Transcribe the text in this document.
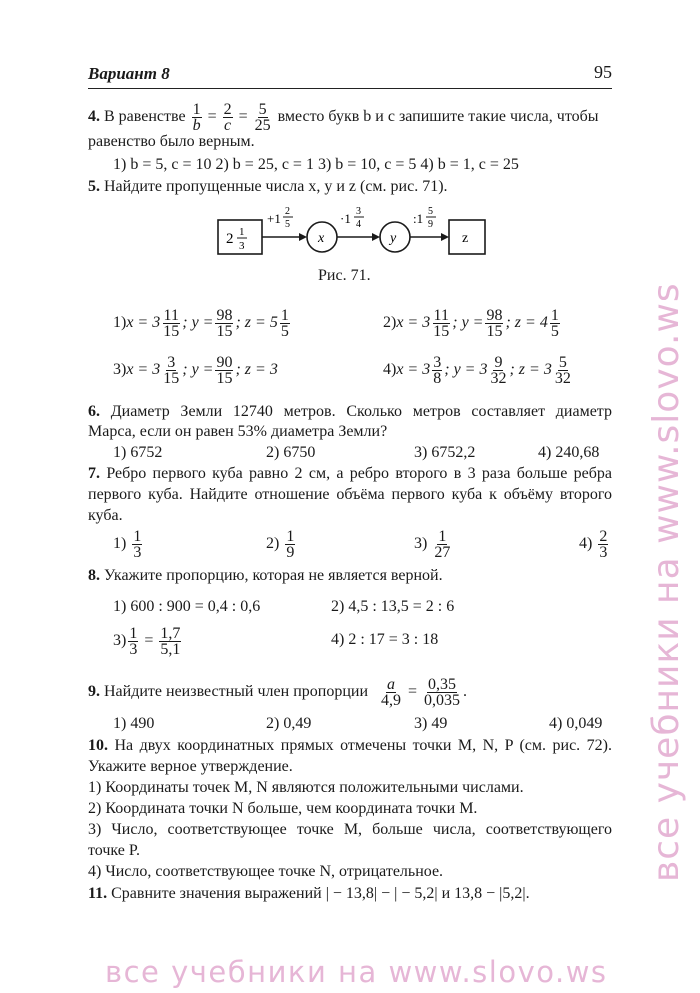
Вариант 8	95
4. В равенстве $\frac{1}{b} = \frac{2}{c} = \frac{5}{25}$ вместо букв b и c запишите такие числа, чтобы
равенство было верным.
1) b = 5, c = 10 2) b = 25, c = 1 3) b = 10, c = 5 4) b = 1, c = 25
5. Найдите пропущенные числа x, y и z (см. рис. 71).
2 1
3
+1 2
5
x
·1 3
4
y
:1 5
9
z
Рис. 71.
$1)x = 3 \frac{11}{15}$ ; $y = \frac{98}{15}$ ; $z = 5 \frac{1}{5}$	$2)x = 3 \frac{11}{15}$ ; $y = \frac{98}{15}$ ; $z = 4 \frac{1}{5}$
$3)x = 3 \frac{3}{15}$ ; $y = \frac{90}{15}$ ; z = 3	$4)x = 3 \frac{3}{8}$ ; $y = 3 \frac{9}{32}$ ; $z = 3 \frac{5}{32}$
6. Диаметр Земли 12740 метров. Сколько метров составляет диаметр
Марса, если он равен 53% диаметра Земли?
1) 6752	2) 6750	3) 6752,2	4) 240,68
7. Ребро первого куба равно 2 см, а ребро второго в 3 раза больше ребра
первого куба. Найдите отношение объёма первого куба к объёму второго
куба.
$1) \frac{1}{3}$	$2) \frac{1}{9}$	$3) \frac{1}{27}$	$4) \frac{2}{3}$
8. Укажите пропорцию, которая не является верной.
1) 600 : 900 = 0,4 : 0,6	2) 4,5 : 13,5 = 2 : 6
$3) \frac{1}{3} = \frac{1,7}{5,1}$	4) 2 : 17 = 3 : 18
9. Найдите неизвестный член пропорции $\frac{a}{4,9} = \frac{0,35}{0,035}$ .
1) 490	2) 0,49	3) 49	4) 0,049
10. На двух координатных прямых отмечены точки M, N, P (см. рис. 72).
Укажите верное утверждение.
1) Координаты точек M, N являются положительными числами.
2) Координата точки N больше, чем координата точки M.
3) Число, соответствующее точке M, больше числа, соответствующего
точке P.
4) Число, соответствующее точке N, отрицательное.
11. Сравните значения выражений | − 13,8| − | − 5,2| и 13,8 − |5,2|.
все учебники на www.slovo.ws
все учебники на www.slovo.ws
